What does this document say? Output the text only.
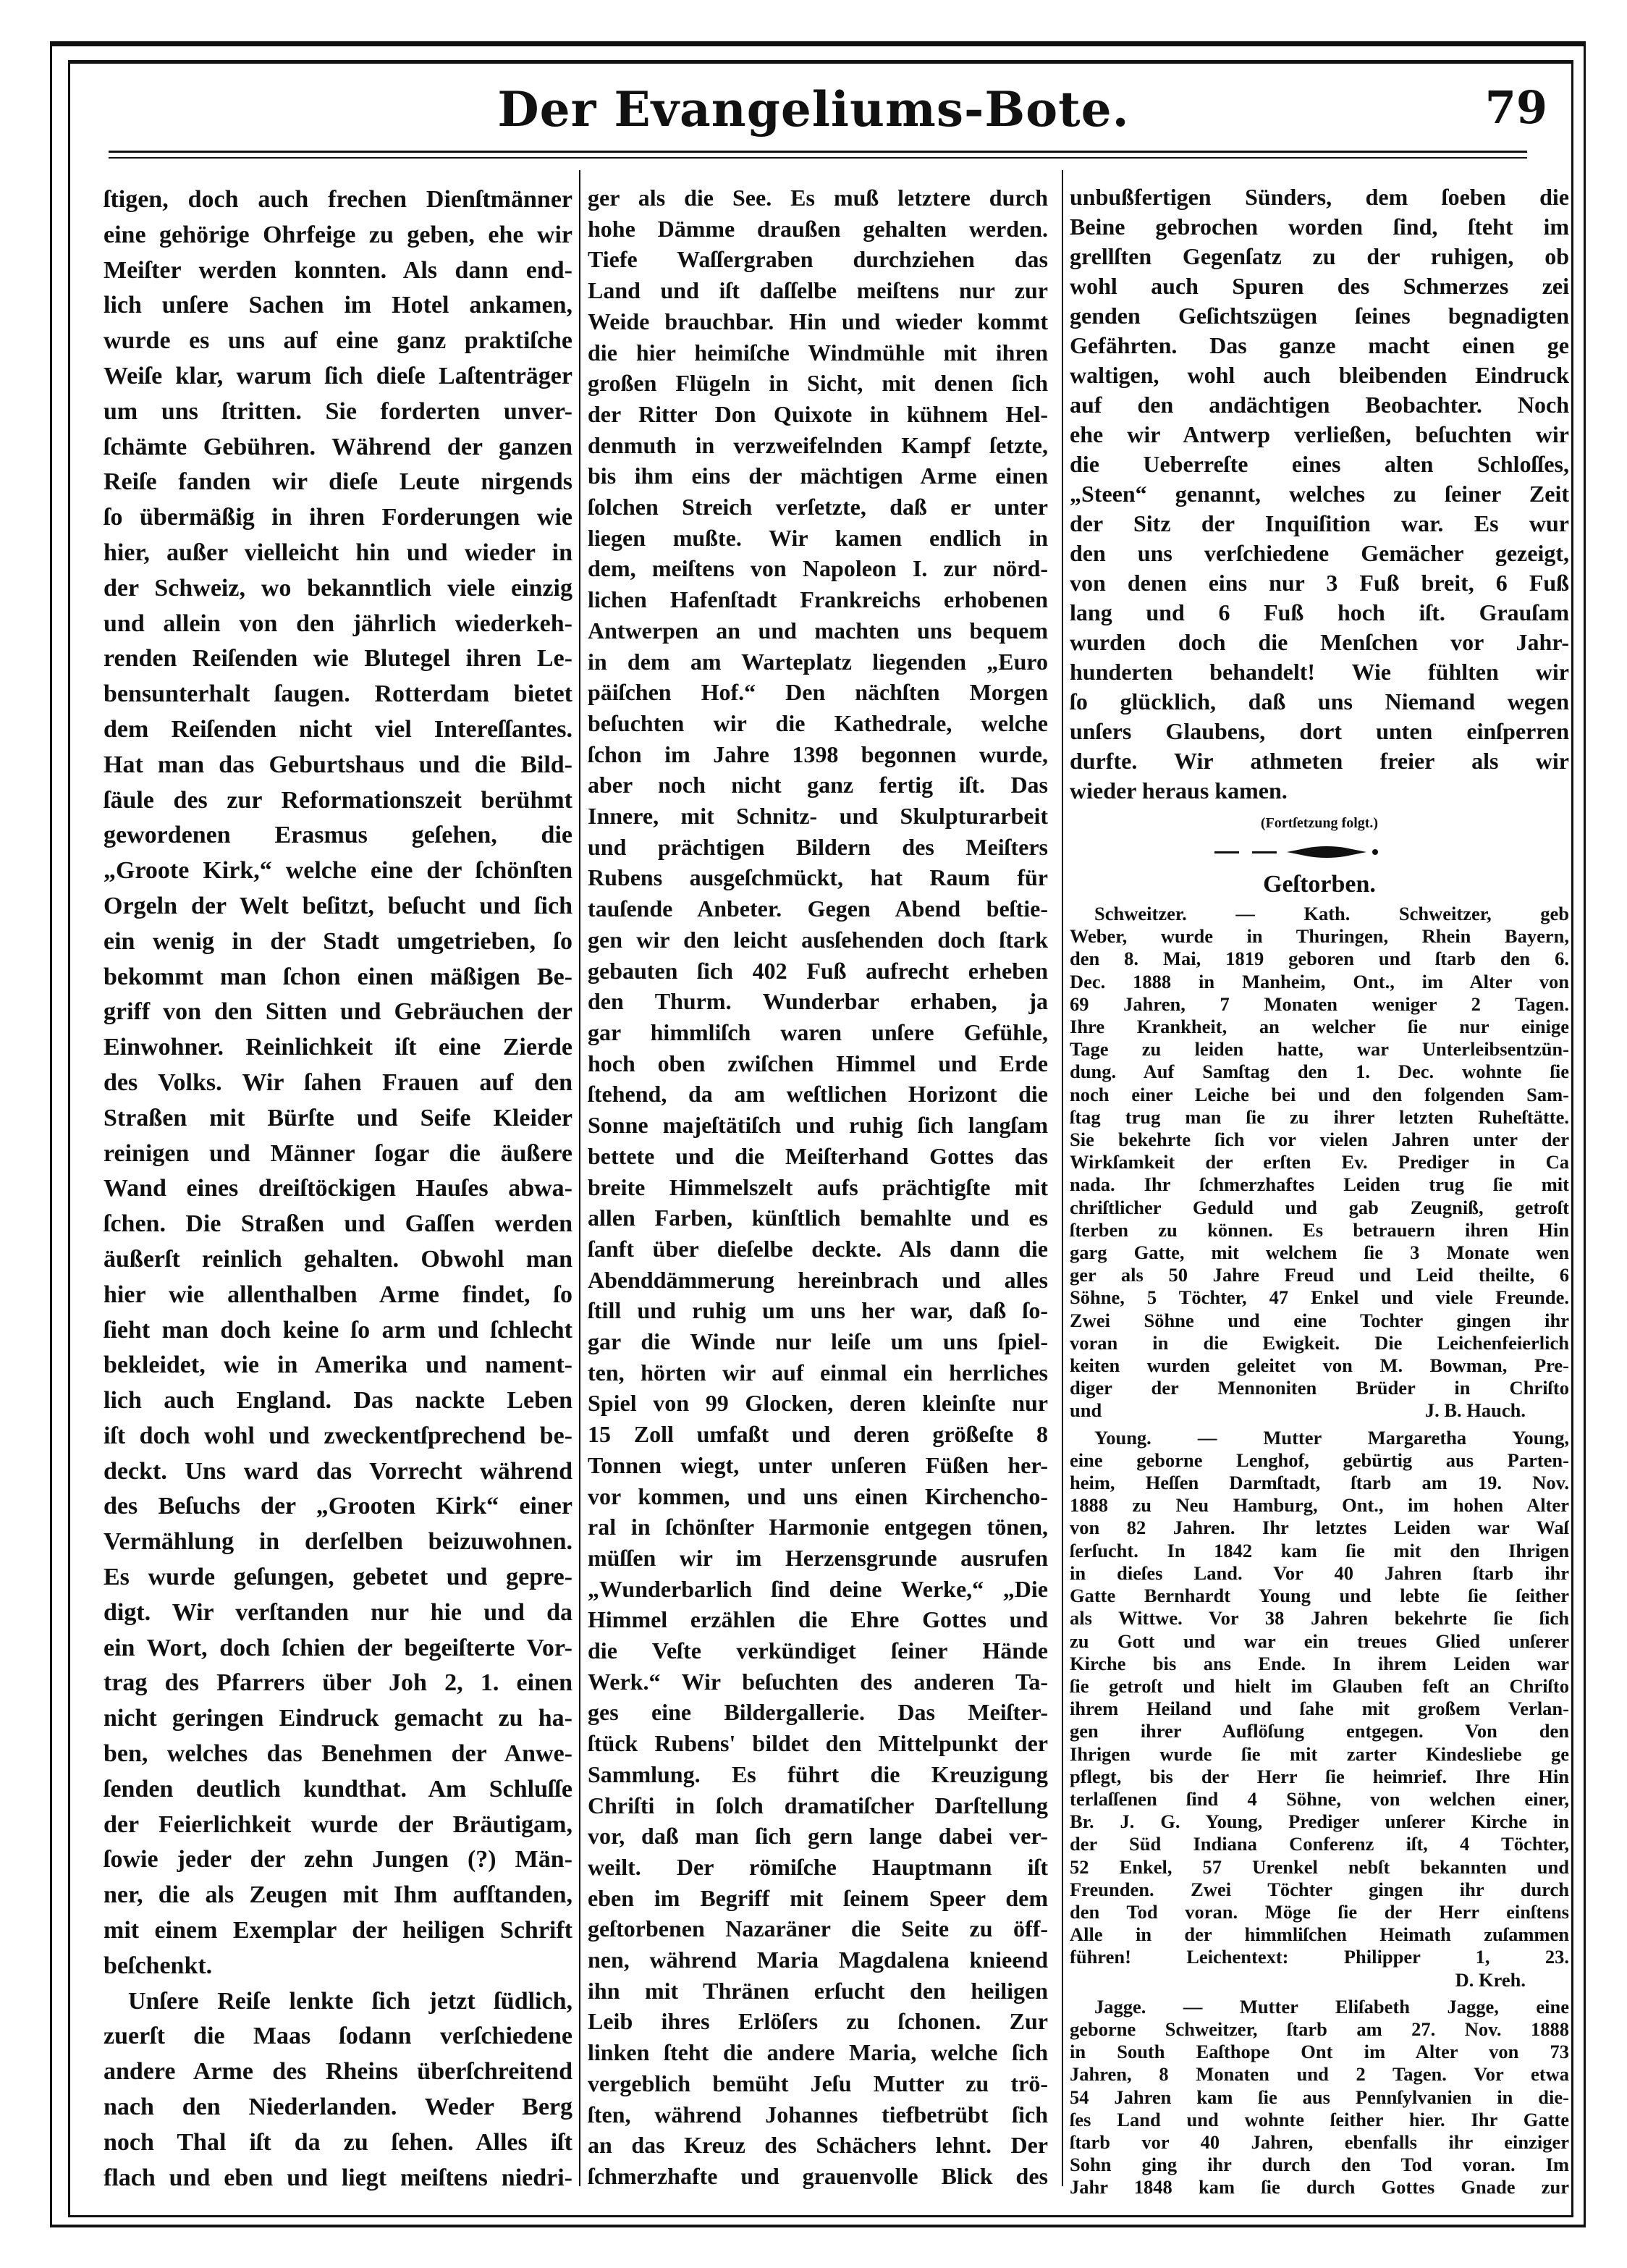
Der Evangeliums-Bote.	79
ſtigen, doch auch frechen Dienſtmänner
eine gehörige Ohrfeige zu geben, ehe wir
Meiſter werden konnten. Als dann end-
lich unſere Sachen im Hotel ankamen,
wurde es uns auf eine ganz praktiſche
Weiſe klar, warum ſich dieſe Laſtenträger
um uns ſtritten. Sie forderten unver-
ſchämte Gebühren. Während der ganzen
Reiſe fanden wir dieſe Leute nirgends
ſo übermäßig in ihren Forderungen wie
hier, außer vielleicht hin und wieder in
der Schweiz, wo bekanntlich viele einzig
und allein von den jährlich wiederkeh-
renden Reiſenden wie Blutegel ihren Le-
bensunterhalt ſaugen. Rotterdam bietet
dem Reiſenden nicht viel Intereſſantes.
Hat man das Geburtshaus und die Bild-
ſäule des zur Reformationszeit berühmt
gewordenen Erasmus geſehen, die
„Groote Kirk,“ welche eine der ſchönſten
Orgeln der Welt beſitzt, beſucht und ſich
ein wenig in der Stadt umgetrieben, ſo
bekommt man ſchon einen mäßigen Be-
griff von den Sitten und Gebräuchen der
Einwohner. Reinlichkeit iſt eine Zierde
des Volks. Wir ſahen Frauen auf den
Straßen mit Bürſte und Seife Kleider
reinigen und Männer ſogar die äußere
Wand eines dreiſtöckigen Hauſes abwa-
ſchen. Die Straßen und Gaſſen werden
äußerſt reinlich gehalten. Obwohl man
hier wie allenthalben Arme findet, ſo
ſieht man doch keine ſo arm und ſchlecht
bekleidet, wie in Amerika und nament-
lich auch England. Das nackte Leben
iſt doch wohl und zweckentſprechend be-
deckt. Uns ward das Vorrecht während
des Beſuchs der „Grooten Kirk“ einer
Vermählung in derſelben beizuwohnen.
Es wurde geſungen, gebetet und gepre-
digt. Wir verſtanden nur hie und da
ein Wort, doch ſchien der begeiſterte Vor-
trag des Pfarrers über Joh 2, 1. einen
nicht geringen Eindruck gemacht zu ha-
ben, welches das Benehmen der Anwe-
ſenden deutlich kundthat. Am Schluſſe
der Feierlichkeit wurde der Bräutigam,
ſowie jeder der zehn Jungen (?) Män-
ner, die als Zeugen mit Ihm aufſtanden,
mit einem Exemplar der heiligen Schrift
beſchenkt.
Unſere Reiſe lenkte ſich jetzt ſüdlich,
zuerſt die Maas ſodann verſchiedene
andere Arme des Rheins überſchreitend
nach den Niederlanden. Weder Berg
noch Thal iſt da zu ſehen. Alles iſt
flach und eben und liegt meiſtens niedri-
ger als die See. Es muß letztere durch
hohe Dämme draußen gehalten werden.
Tiefe Waſſergraben durchziehen das
Land und iſt daſſelbe meiſtens nur zur
Weide brauchbar. Hin und wieder kommt
die hier heimiſche Windmühle mit ihren
großen Flügeln in Sicht, mit denen ſich
der Ritter Don Quixote in kühnem Hel-
denmuth in verzweifelnden Kampf ſetzte,
bis ihm eins der mächtigen Arme einen
ſolchen Streich verſetzte, daß er unter
liegen mußte. Wir kamen endlich in
dem, meiſtens von Napoleon I. zur nörd-
lichen Hafenſtadt Frankreichs erhobenen
Antwerpen an und machten uns bequem
in dem am Warteplatz liegenden „Euro
päiſchen Hof.“ Den nächſten Morgen
beſuchten wir die Kathedrale, welche
ſchon im Jahre 1398 begonnen wurde,
aber noch nicht ganz fertig iſt. Das
Innere, mit Schnitz- und Skulpturarbeit
und prächtigen Bildern des Meiſters
Rubens ausgeſchmückt, hat Raum für
tauſende Anbeter. Gegen Abend beſtie-
gen wir den leicht ausſehenden doch ſtark
gebauten ſich 402 Fuß aufrecht erheben
den Thurm. Wunderbar erhaben, ja
gar himmliſch waren unſere Gefühle,
hoch oben zwiſchen Himmel und Erde
ſtehend, da am weſtlichen Horizont die
Sonne majeſtätiſch und ruhig ſich langſam
bettete und die Meiſterhand Gottes das
breite Himmelszelt aufs prächtigſte mit
allen Farben, künſtlich bemahlte und es
ſanft über dieſelbe deckte. Als dann die
Abenddämmerung hereinbrach und alles
ſtill und ruhig um uns her war, daß ſo-
gar die Winde nur leiſe um uns ſpiel-
ten, hörten wir auf einmal ein herrliches
Spiel von 99 Glocken, deren kleinſte nur
15 Zoll umfaßt und deren größeſte 8
Tonnen wiegt, unter unſeren Füßen her-
vor kommen, und uns einen Kirchencho-
ral in ſchönſter Harmonie entgegen tönen,
müſſen wir im Herzensgrunde ausrufen
„Wunderbarlich ſind deine Werke,“ „Die
Himmel erzählen die Ehre Gottes und
die Veſte verkündiget ſeiner Hände
Werk.“ Wir beſuchten des anderen Ta-
ges eine Bildergallerie. Das Meiſter-
ſtück Rubens' bildet den Mittelpunkt der
Sammlung. Es führt die Kreuzigung
Chriſti in ſolch dramatiſcher Darſtellung
vor, daß man ſich gern lange dabei ver-
weilt. Der römiſche Hauptmann iſt
eben im Begriff mit ſeinem Speer dem
geſtorbenen Nazaräner die Seite zu öff-
nen, während Maria Magdalena knieend
ihn mit Thränen erſucht den heiligen
Leib ihres Erlöſers zu ſchonen. Zur
linken ſteht die andere Maria, welche ſich
vergeblich bemüht Jeſu Mutter zu trö-
ſten, während Johannes tiefbetrübt ſich
an das Kreuz des Schächers lehnt. Der
ſchmerzhafte und grauenvolle Blick des
unbußfertigen Sünders, dem ſoeben die
Beine gebrochen worden ſind, ſteht im
grellſten Gegenſatz zu der ruhigen, ob
wohl auch Spuren des Schmerzes zei
genden Geſichtszügen ſeines begnadigten
Gefährten. Das ganze macht einen ge
waltigen, wohl auch bleibenden Eindruck
auf den andächtigen Beobachter. Noch
ehe wir Antwerp verließen, beſuchten wir
die Ueberreſte eines alten Schloſſes,
„Steen“ genannt, welches zu ſeiner Zeit
der Sitz der Inquiſition war. Es wur
den uns verſchiedene Gemächer gezeigt,
von denen eins nur 3 Fuß breit, 6 Fuß
lang und 6 Fuß hoch iſt. Grauſam
wurden doch die Menſchen vor Jahr-
hunderten behandelt! Wie fühlten wir
ſo glücklich, daß uns Niemand wegen
unſers Glaubens, dort unten einſperren
durfte. Wir athmeten freier als wir
wieder heraus kamen.
(Fortſetzung folgt.)
Geſtorben.
Schweitzer. — Kath. Schweitzer, geb
Weber, wurde in Thuringen, Rhein Bayern,
den 8. Mai, 1819 geboren und ſtarb den 6.
Dec. 1888 in Manheim, Ont., im Alter von
69 Jahren, 7 Monaten weniger 2 Tagen.
Ihre Krankheit, an welcher ſie nur einige
Tage zu leiden hatte, war Unterleibsentzün-
dung. Auf Samſtag den 1. Dec. wohnte ſie
noch einer Leiche bei und den folgenden Sam-
ſtag trug man ſie zu ihrer letzten Ruheſtätte.
Sie bekehrte ſich vor vielen Jahren unter der
Wirkſamkeit der erſten Ev. Prediger in Ca
nada. Ihr ſchmerzhaftes Leiden trug ſie mit
chriſtlicher Geduld und gab Zeugniß, getroſt
ſterben zu können. Es betrauern ihren Hin
garg Gatte, mit welchem ſie 3 Monate wen
ger als 50 Jahre Freud und Leid theilte, 6
Söhne, 5 Töchter, 47 Enkel und viele Freunde.
Zwei Söhne und eine Tochter gingen ihr
voran in die Ewigkeit. Die Leichenfeierlich
keiten wurden geleitet von M. Bowman, Pre-
diger der Mennoniten Brüder in Chriſto
und	J. B. Hauch.
Young. — Mutter Margaretha Young,
eine geborne Lenghof, gebürtig aus Parten-
heim, Heſſen Darmſtadt, ſtarb am 19. Nov.
1888 zu Neu Hamburg, Ont., im hohen Alter
von 82 Jahren. Ihr letztes Leiden war Waſ
ſerſucht. In 1842 kam ſie mit den Ihrigen
in dieſes Land. Vor 40 Jahren ſtarb ihr
Gatte Bernhardt Young und lebte ſie ſeither
als Wittwe. Vor 38 Jahren bekehrte ſie ſich
zu Gott und war ein treues Glied unſerer
Kirche bis ans Ende. In ihrem Leiden war
ſie getroſt und hielt im Glauben feſt an Chriſto
ihrem Heiland und ſahe mit großem Verlan-
gen ihrer Auflöſung entgegen. Von den
Ihrigen wurde ſie mit zarter Kindesliebe ge
pflegt, bis der Herr ſie heimrief. Ihre Hin
terlaſſenen ſind 4 Söhne, von welchen einer,
Br. J. G. Young, Prediger unſerer Kirche in
der Süd Indiana Conferenz iſt, 4 Töchter,
52 Enkel, 57 Urenkel nebſt bekannten und
Freunden. Zwei Töchter gingen ihr durch
den Tod voran. Möge ſie der Herr einſtens
Alle in der himmliſchen Heimath zuſammen
führen! Leichentext: Philipper 1, 23.
D. Kreh.
Jagge. — Mutter Eliſabeth Jagge, eine
geborne Schweitzer, ſtarb am 27. Nov. 1888
in South Eaſthope Ont im Alter von 73
Jahren, 8 Monaten und 2 Tagen. Vor etwa
54 Jahren kam ſie aus Pennſylvanien in die-
ſes Land und wohnte ſeither hier. Ihr Gatte
ſtarb vor 40 Jahren, ebenfalls ihr einziger
Sohn ging ihr durch den Tod voran. Im
Jahr 1848 kam ſie durch Gottes Gnade zur
